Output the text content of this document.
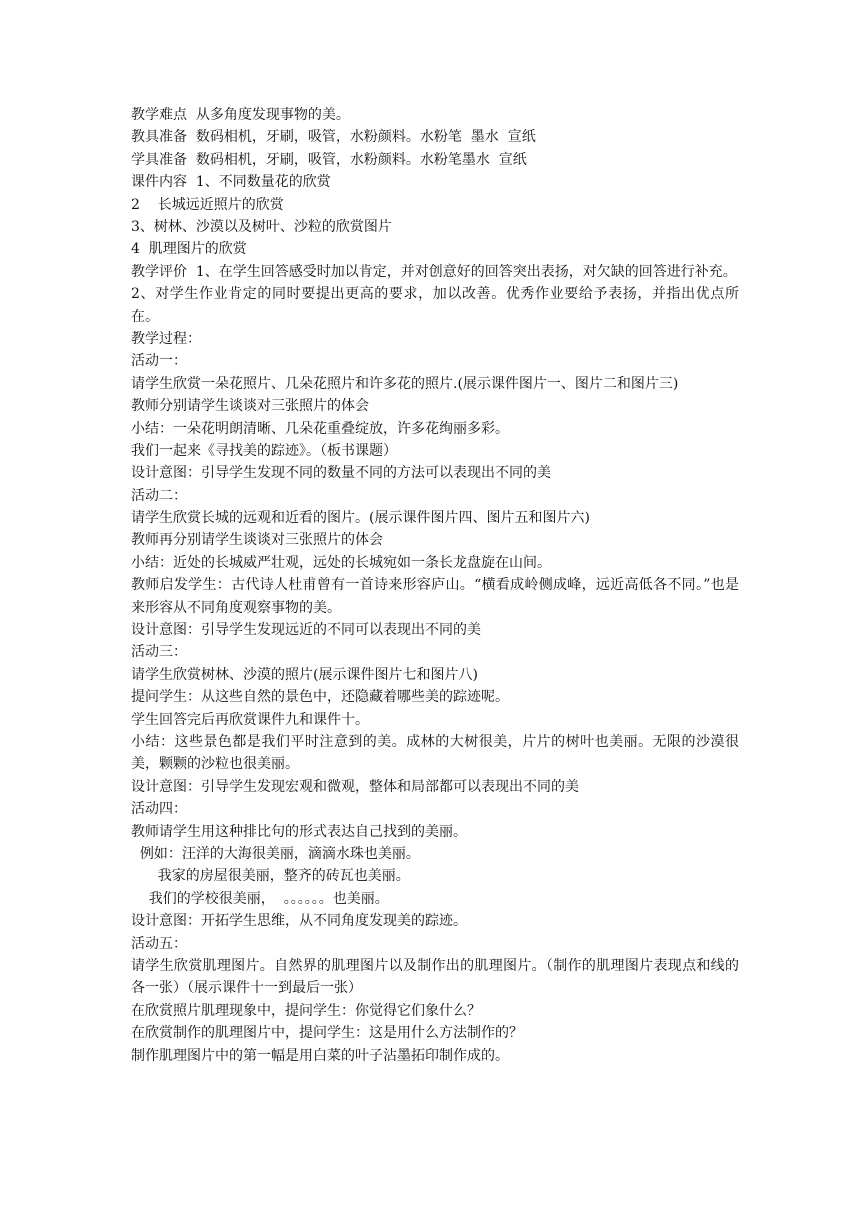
教学难点  从多角度发现事物的美。
教具准备  数码相机，牙刷，吸管，水粉颜料。水粉笔  墨水  宣纸
学具准备  数码相机，牙刷，吸管，水粉颜料。水粉笔墨水  宣纸
课件内容  1、不同数量花的欣赏
2    长城远近照片的欣赏
3、树林、沙漠以及树叶、沙粒的欣赏图片
4  肌理图片的欣赏
教学评价  1、在学生回答感受时加以肯定，并对创意好的回答突出表扬，对欠缺的回答进行补充。
2、对学生作业肯定的同时要提出更高的要求，加以改善。优秀作业要给予表扬，并指出优点所在。
教学过程：
活动一：
请学生欣赏一朵花照片、几朵花照片和许多花的照片.(展示课件图片一、图片二和图片三)
教师分别请学生谈谈对三张照片的体会
小结：一朵花明朗清晰、几朵花重叠绽放，许多花绚丽多彩。
我们一起来《寻找美的踪迹》。（板书课题）
设计意图：引导学生发现不同的数量不同的方法可以表现出不同的美
活动二：
请学生欣赏长城的远观和近看的图片。(展示课件图片四、图片五和图片六)
教师再分别请学生谈谈对三张照片的体会
小结：近处的长城威严壮观，远处的长城宛如一条长龙盘旋在山间。
教师启发学生：古代诗人杜甫曾有一首诗来形容庐山。“横看成岭侧成峰，远近高低各不同。”也是来形容从不同角度观察事物的美。
设计意图：引导学生发现远近的不同可以表现出不同的美
活动三：
请学生欣赏树林、沙漠的照片(展示课件图片七和图片八)
提问学生：从这些自然的景色中，还隐藏着哪些美的踪迹呢。
学生回答完后再欣赏课件九和课件十。
小结：这些景色都是我们平时注意到的美。成林的大树很美，片片的树叶也美丽。无限的沙漠很美，颗颗的沙粒也很美丽。
设计意图：引导学生发现宏观和微观，整体和局部都可以表现出不同的美
活动四：
教师请学生用这种排比句的形式表达自己找到的美丽。
例如：汪洋的大海很美丽，滴滴水珠也美丽。
我家的房屋很美丽，整齐的砖瓦也美丽。
我们的学校很美丽，  。。。。。。也美丽。
设计意图：开拓学生思维，从不同角度发现美的踪迹。
活动五：
请学生欣赏肌理图片。自然界的肌理图片以及制作出的肌理图片。（制作的肌理图片表现点和线的各一张）（展示课件十一到最后一张）
在欣赏照片肌理现象中，提问学生：你觉得它们象什么？
在欣赏制作的肌理图片中，提问学生：这是用什么方法制作的？
制作肌理图片中的第一幅是用白菜的叶子沾墨拓印制作成的。
